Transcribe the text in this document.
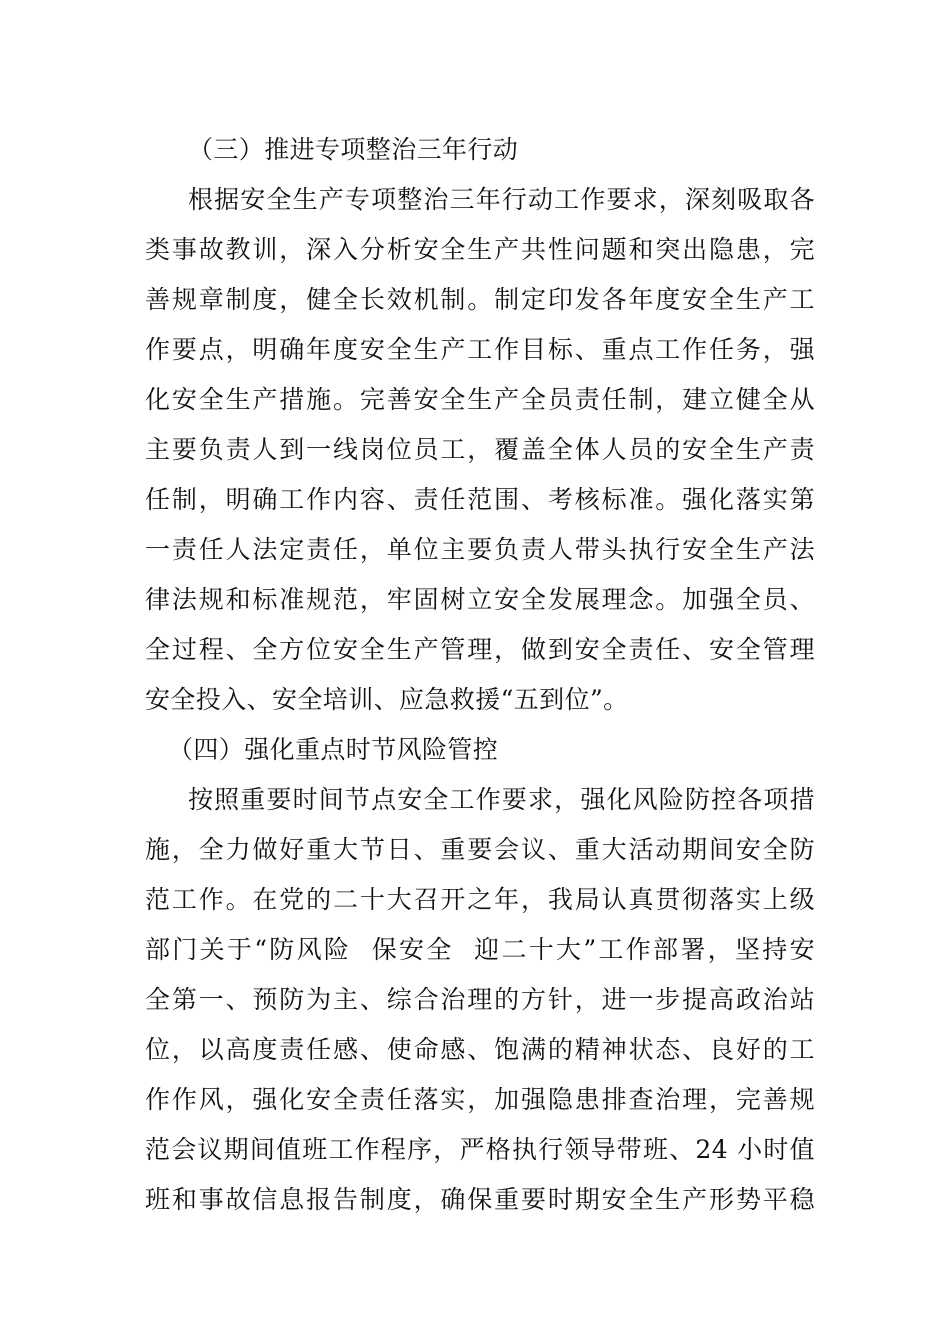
（三）推进专项整治三年行动
根据安全生产专项整治三年行动工作要求，深刻吸取各
类事故教训，深入分析安全生产共性问题和突出隐患，完
善规章制度，健全长效机制。制定印发各年度安全生产工
作要点，明确年度安全生产工作目标、重点工作任务，强
化安全生产措施。完善安全生产全员责任制，建立健全从
主要负责人到一线岗位员工，覆盖全体人员的安全生产责
任制，明确工作内容、责任范围、考核标准。强化落实第
一责任人法定责任，单位主要负责人带头执行安全生产法
律法规和标准规范，牢固树立安全发展理念。加强全员、
全过程、全方位安全生产管理，做到安全责任、安全管理
安全投入、安全培训、应急救援“五到位”。
（四）强化重点时节风险管控
按照重要时间节点安全工作要求，强化风险防控各项措
施，全力做好重大节日、重要会议、重大活动期间安全防
范工作。在党的二十大召开之年，我局认真贯彻落实上级
部门关于“防风险  保安全  迎二十大”工作部署，坚持安
全第一、预防为主、综合治理的方针，进一步提高政治站
位，以高度责任感、使命感、饱满的精神状态、良好的工
作作风，强化安全责任落实，加强隐患排查治理，完善规
范会议期间值班工作程序，严格执行领导带班、24 小时值
班和事故信息报告制度，确保重要时期安全生产形势平稳
